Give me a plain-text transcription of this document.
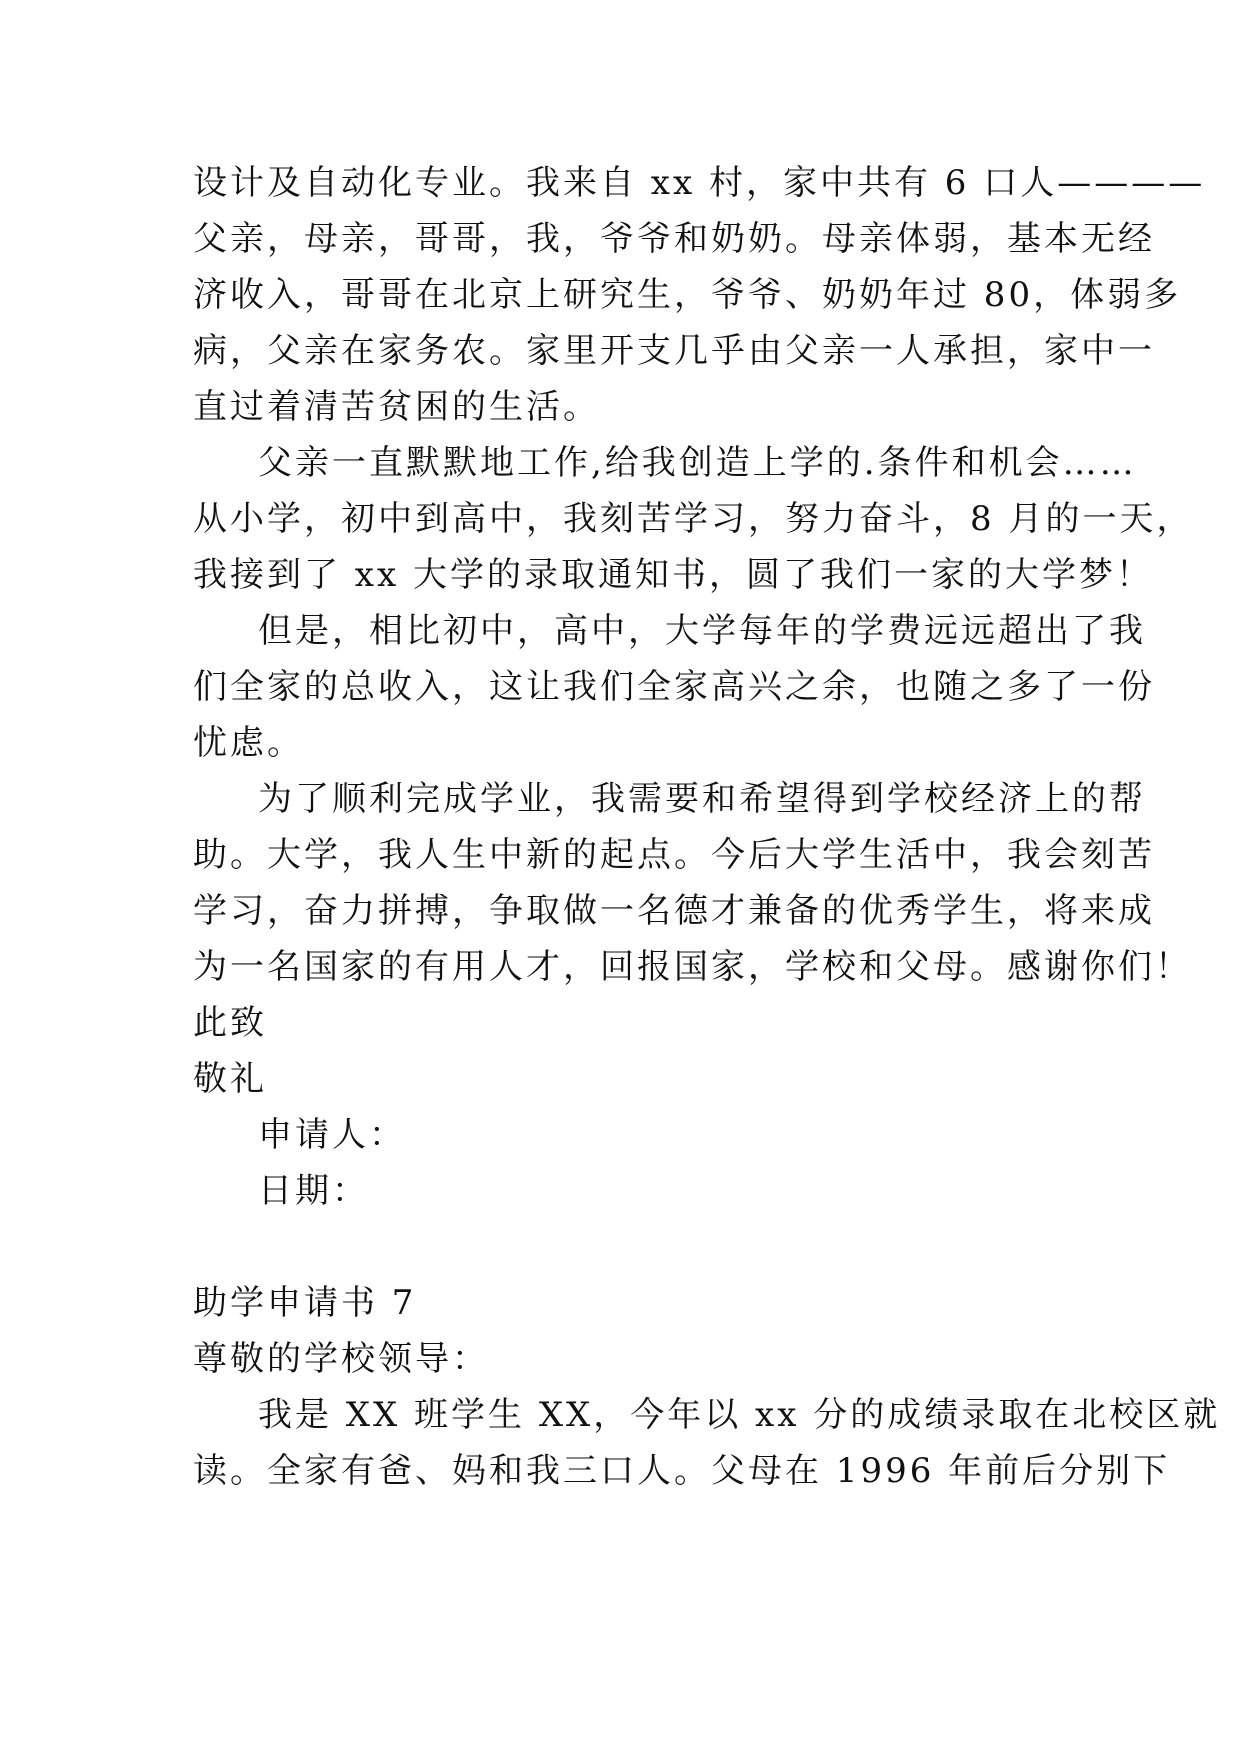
设计及自动化专业。我来自 xx 村，家中共有 6 口人————
父亲，母亲，哥哥，我，爷爷和奶奶。母亲体弱，基本无经
济收入，哥哥在北京上研究生，爷爷、奶奶年过 80，体弱多
病，父亲在家务农。家里开支几乎由父亲一人承担，家中一
直过着清苦贫困的生活。
父亲一直默默地工作,给我创造上学的.条件和机会……
从小学，初中到高中，我刻苦学习，努力奋斗，8 月的一天，
我接到了 xx 大学的录取通知书，圆了我们一家的大学梦！
但是，相比初中，高中，大学每年的学费远远超出了我
们全家的总收入，这让我们全家高兴之余，也随之多了一份
忧虑。
为了顺利完成学业，我需要和希望得到学校经济上的帮
助。大学，我人生中新的起点。今后大学生活中，我会刻苦
学习，奋力拼搏，争取做一名德才兼备的优秀学生，将来成
为一名国家的有用人才，回报国家，学校和父母。感谢你们！
此致
敬礼
申请人：
日期：
助学申请书 7
尊敬的学校领导：
我是 XX 班学生 XX，今年以 xx 分的成绩录取在北校区就
读。全家有爸、妈和我三口人。父母在 1996 年前后分别下
